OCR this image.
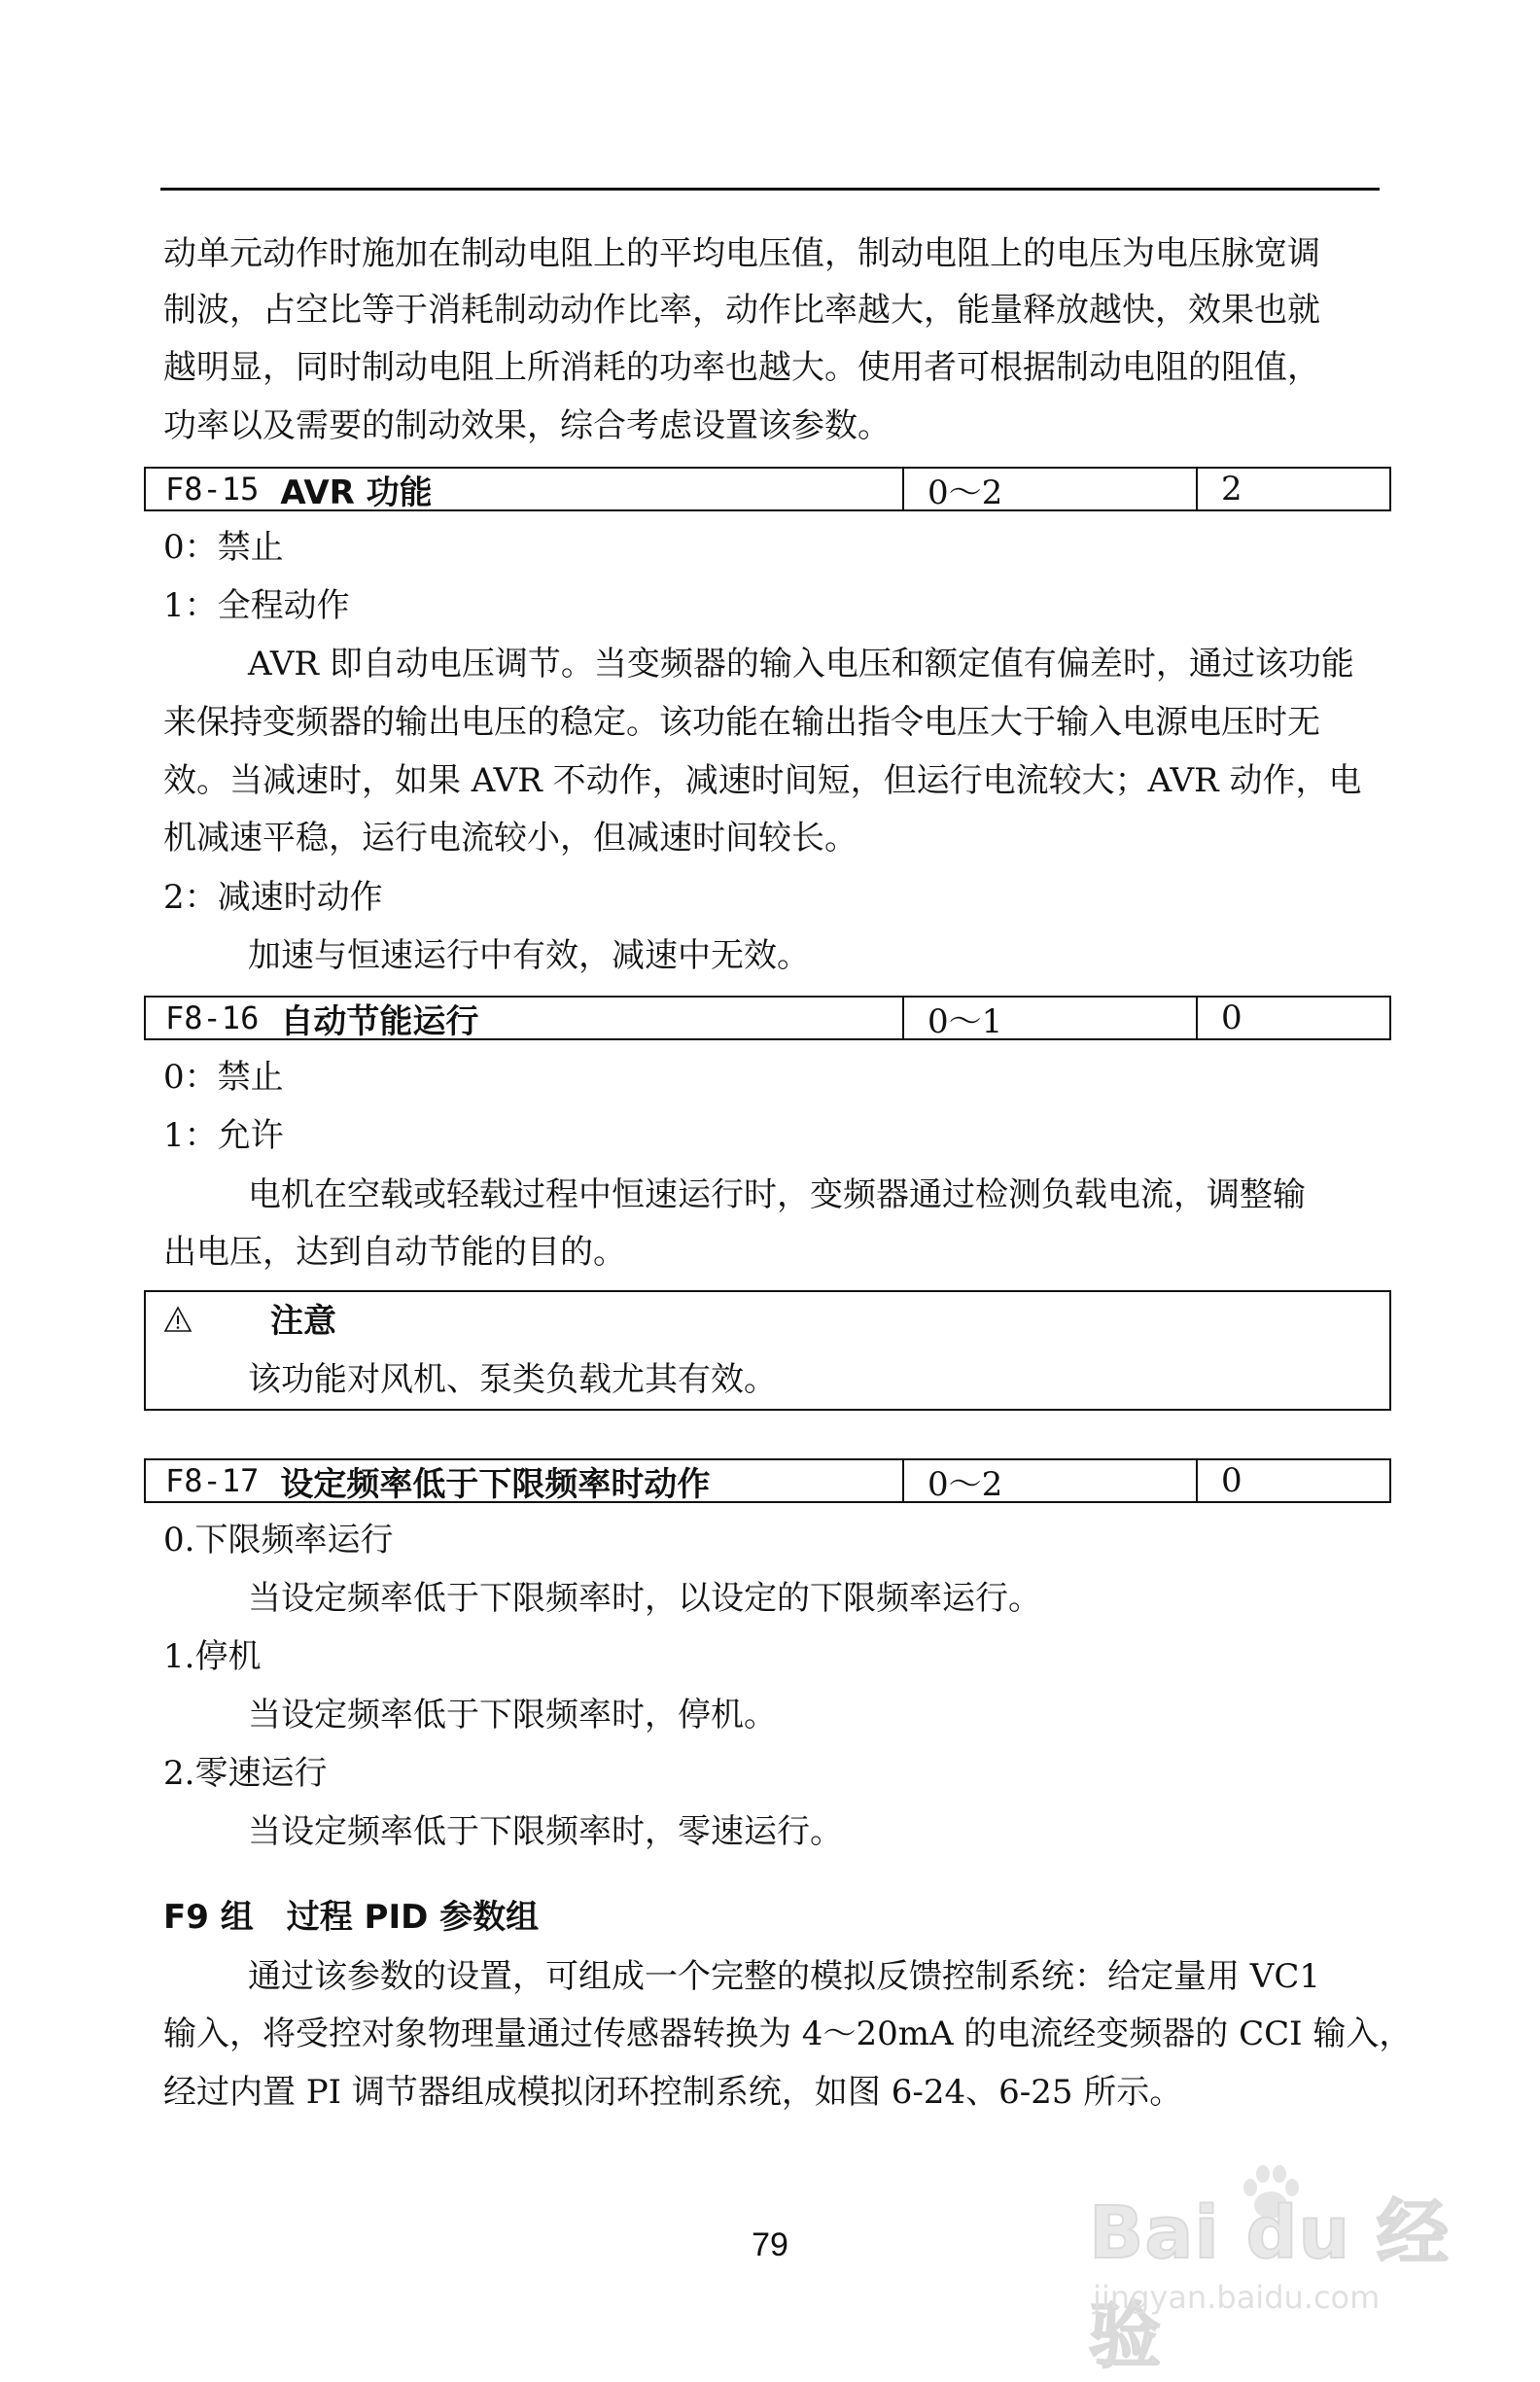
动单元动作时施加在制动电阻上的平均电压值，制动电阻上的电压为电压脉宽调
制波，占空比等于消耗制动动作比率，动作比率越大，能量释放越快，效果也就
越明显，同时制动电阻上所消耗的功率也越大。使用者可根据制动电阻的阻值，
功率以及需要的制动效果，综合考虑设置该参数。
F8-15 AVR 功能	0～2	2
0：禁止
1：全程动作
AVR 即自动电压调节。当变频器的输入电压和额定值有偏差时，通过该功能
来保持变频器的输出电压的稳定。该功能在输出指令电压大于输入电源电压时无
效。当减速时，如果 AVR 不动作，减速时间短，但运行电流较大；AVR 动作，电
机减速平稳，运行电流较小，但减速时间较长。
2：减速时动作
加速与恒速运行中有效，减速中无效。
F8-16 自动节能运行	0～1	0
0：禁止
1：允许
电机在空载或轻载过程中恒速运行时，变频器通过检测负载电流，调整输
出电压，达到自动节能的目的。
注意
该功能对风机、泵类负载尤其有效。
F8-17 设定频率低于下限频率时动作	0～2	0
0.下限频率运行
当设定频率低于下限频率时，以设定的下限频率运行。
1.停机
当设定频率低于下限频率时，停机。
2.零速运行
当设定频率低于下限频率时，零速运行。
F9 组　过程 PID 参数组
通过该参数的设置，可组成一个完整的模拟反馈控制系统：给定量用 VC1
输入，将受控对象物理量通过传感器转换为 4～20mA 的电流经变频器的 CCI 输入，
经过内置 PI 调节器组成模拟闭环控制系统，如图 6-24、6-25 所示。
79	Bai du 经验
jingyan.baidu.com
